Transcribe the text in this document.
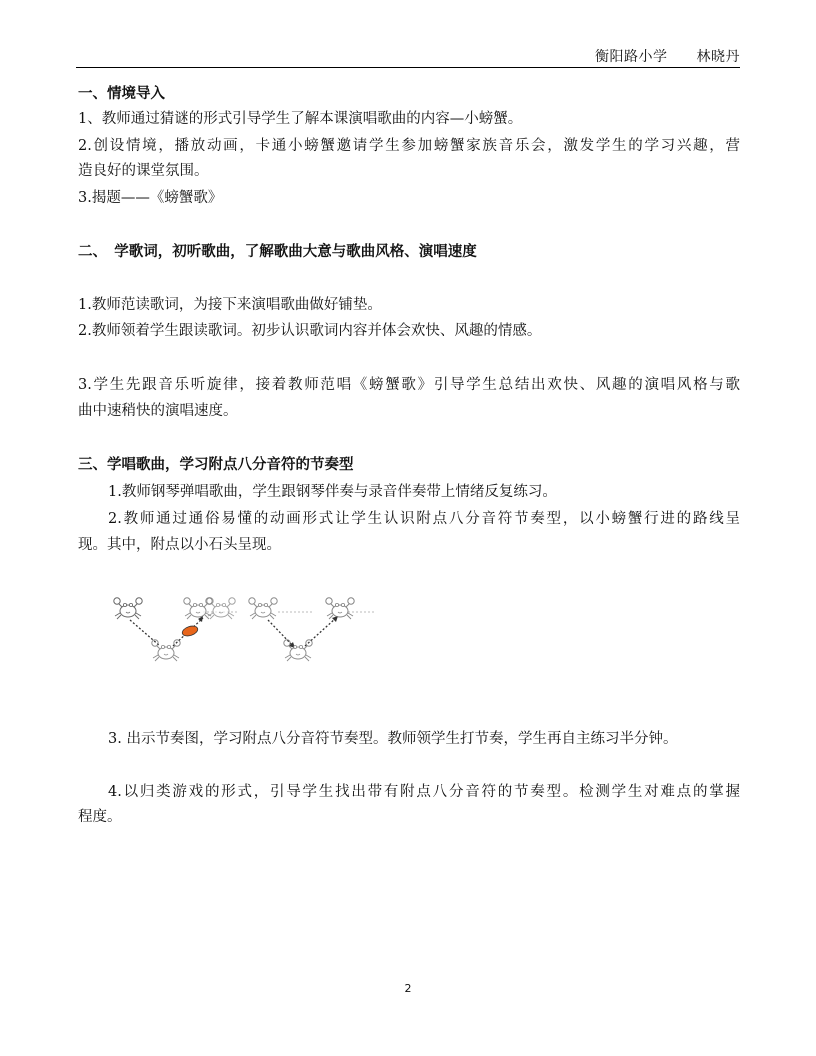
衡阳路小学　　林晓丹
一、情境导入
1、教师通过猜谜的形式引导学生了解本课演唱歌曲的内容—小螃蟹。
2.创设情境，播放动画，卡通小螃蟹邀请学生参加螃蟹家族音乐会，激发学生的学习兴趣，营
造良好的课堂氛围。
3.揭题——《螃蟹歌》
二、　学歌词，初听歌曲，了解歌曲大意与歌曲风格、演唱速度
1.教师范读歌词，为接下来演唱歌曲做好铺垫。
2.教师领着学生跟读歌词。初步认识歌词内容并体会欢快、风趣的情感。
3.学生先跟音乐听旋律，接着教师范唱《螃蟹歌》引导学生总结出欢快、风趣的演唱风格与歌
曲中速稍快的演唱速度。
三、学唱歌曲，学习附点八分音符的节奏型
1.教师钢琴弹唱歌曲，学生跟钢琴伴奏与录音伴奏带上情绪反复练习。
2.教师通过通俗易懂的动画形式让学生认识附点八分音符节奏型，以小螃蟹行进的路线呈
现。其中，附点以小石头呈现。
3. 出示节奏图，学习附点八分音符节奏型。教师领学生打节奏，学生再自主练习半分钟。
4.以归类游戏的形式，引导学生找出带有附点八分音符的节奏型。检测学生对难点的掌握
程度。
2
